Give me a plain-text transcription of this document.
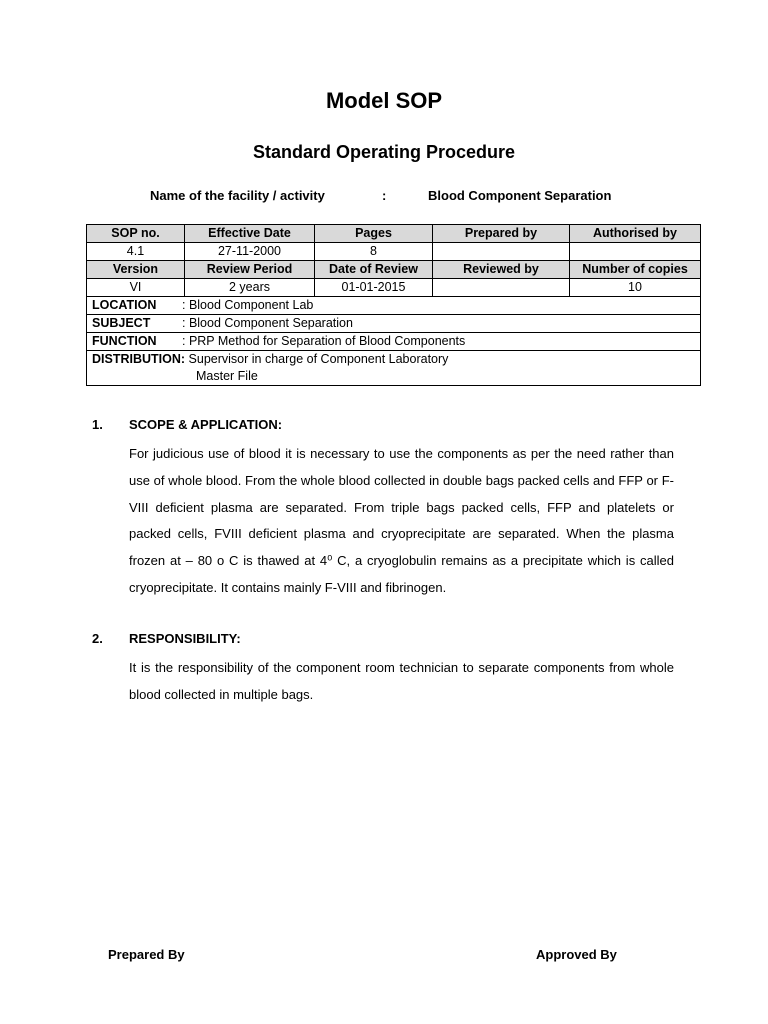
Model SOP
Standard Operating Procedure
Name of the facility / activity	:	Blood Component Separation
SOP no.	Effective Date	Pages	Prepared by	Authorised by
4.1	27-11-2000	8		
Version	Review Period	Date of Review	Reviewed by	Number of copies
VI	2 years	01-01-2015		10
LOCATION : Blood Component Lab				
SUBJECT : Blood Component Separation				
FUNCTION : PRP Method for Separation of Blood Components				

DISTRIBUTION: Supervisor in charge of Component Laboratory
Master File				
1. SCOPE & APPLICATION:
For judicious use of blood it is necessary to use the components as per the need rather than use of whole blood. From the whole blood collected in double bags packed cells and FFP or F-VIII deficient plasma are separated. From triple bags packed cells, FFP and platelets or packed cells, FVIII deficient plasma and cryoprecipitate are separated. When the plasma frozen at – 80 o C is thawed at 4⁰ C, a cryoglobulin remains as a precipitate which is called cryoprecipitate. It contains mainly F-VIII and fibrinogen.
2. RESPONSIBILITY:
It is the responsibility of the component room technician to separate components from whole blood collected in multiple bags.
Prepared By	Approved By
